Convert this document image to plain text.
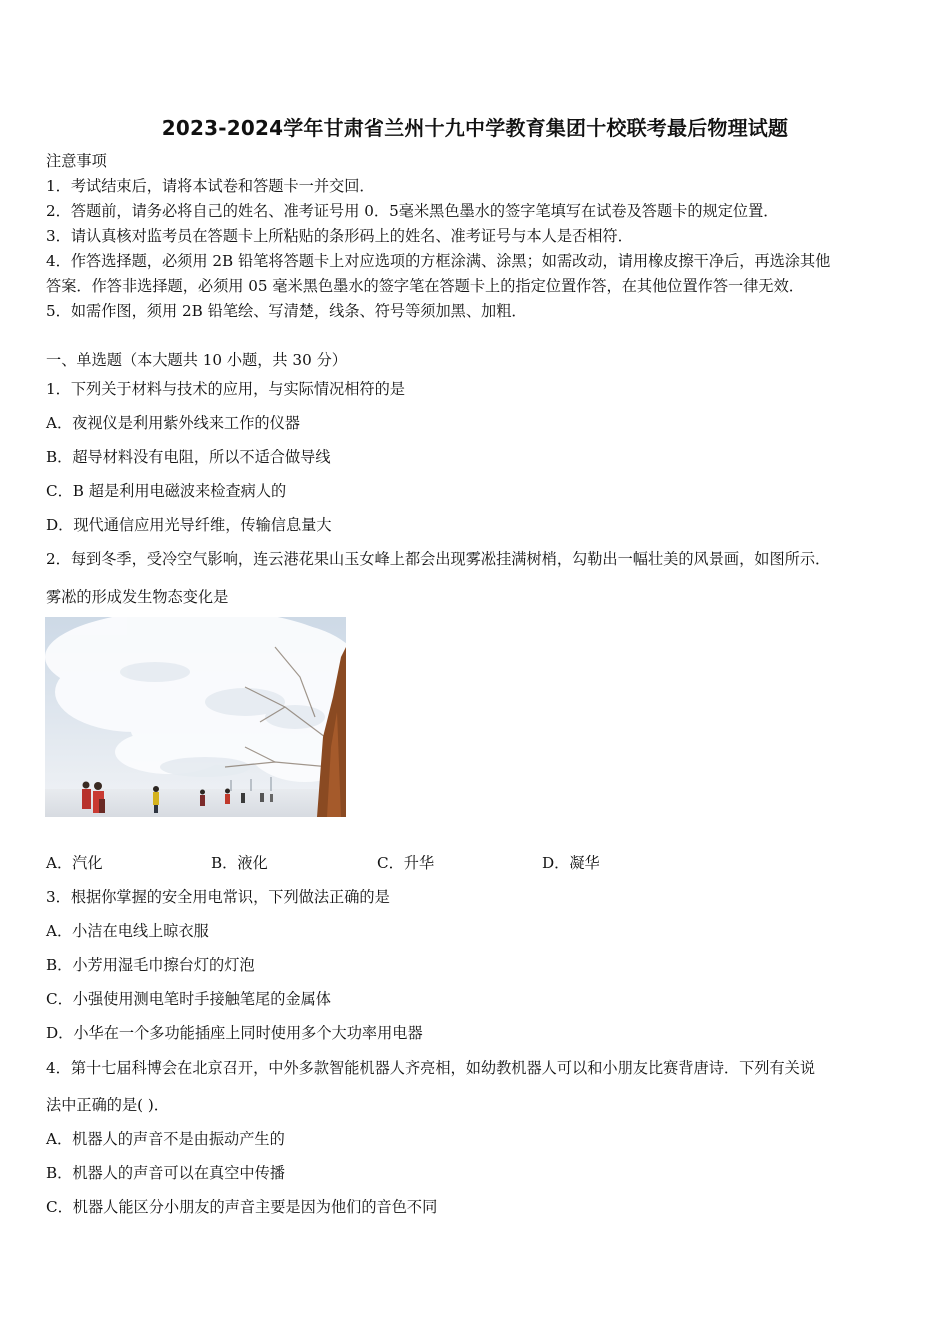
2023-2024学年甘肃省兰州十九中学教育集团十校联考最后物理试题
注意事项
1．考试结束后，请将本试卷和答题卡一并交回．
2．答题前，请务必将自己的姓名、准考证号用 0．5毫米黑色墨水的签字笔填写在试卷及答题卡的规定位置．
3．请认真核对监考员在答题卡上所粘贴的条形码上的姓名、准考证号与本人是否相符．
4．作答选择题，必须用 2B 铅笔将答题卡上对应选项的方框涂满、涂黑；如需改动，请用橡皮擦干净后，再选涂其他
答案．作答非选择题，必须用 05 毫米黑色墨水的签字笔在答题卡上的指定位置作答，在其他位置作答一律无效．
5．如需作图，须用 2B 铅笔绘、写清楚，线条、符号等须加黑、加粗．
一、单选题（本大题共 10 小题，共 30 分）
1．下列关于材料与技术的应用，与实际情况相符的是
A．夜视仪是利用紫外线来工作的仪器
B．超导材料没有电阻，所以不适合做导线
C．B 超是利用电磁波来检查病人的
D．现代通信应用光导纤维，传输信息量大
2．每到冬季，受冷空气影响，连云港花果山玉女峰上都会出现雾凇挂满树梢，勾勒出一幅壮美的风景画，如图所示．
雾凇的形成发生物态变化是
A．汽化	B．液化	C．升华	D．凝华
3．根据你掌握的安全用电常识，下列做法正确的是
A．小洁在电线上晾衣服
B．小芳用湿毛巾擦台灯的灯泡
C．小强使用测电笔时手接触笔尾的金属体
D．小华在一个多功能插座上同时使用多个大功率用电器
4．第十七届科博会在北京召开，中外多款智能机器人齐亮相，如幼教机器人可以和小朋友比赛背唐诗．下列有关说
法中正确的是( )．
A．机器人的声音不是由振动产生的
B．机器人的声音可以在真空中传播
C．机器人能区分小朋友的声音主要是因为他们的音色不同
